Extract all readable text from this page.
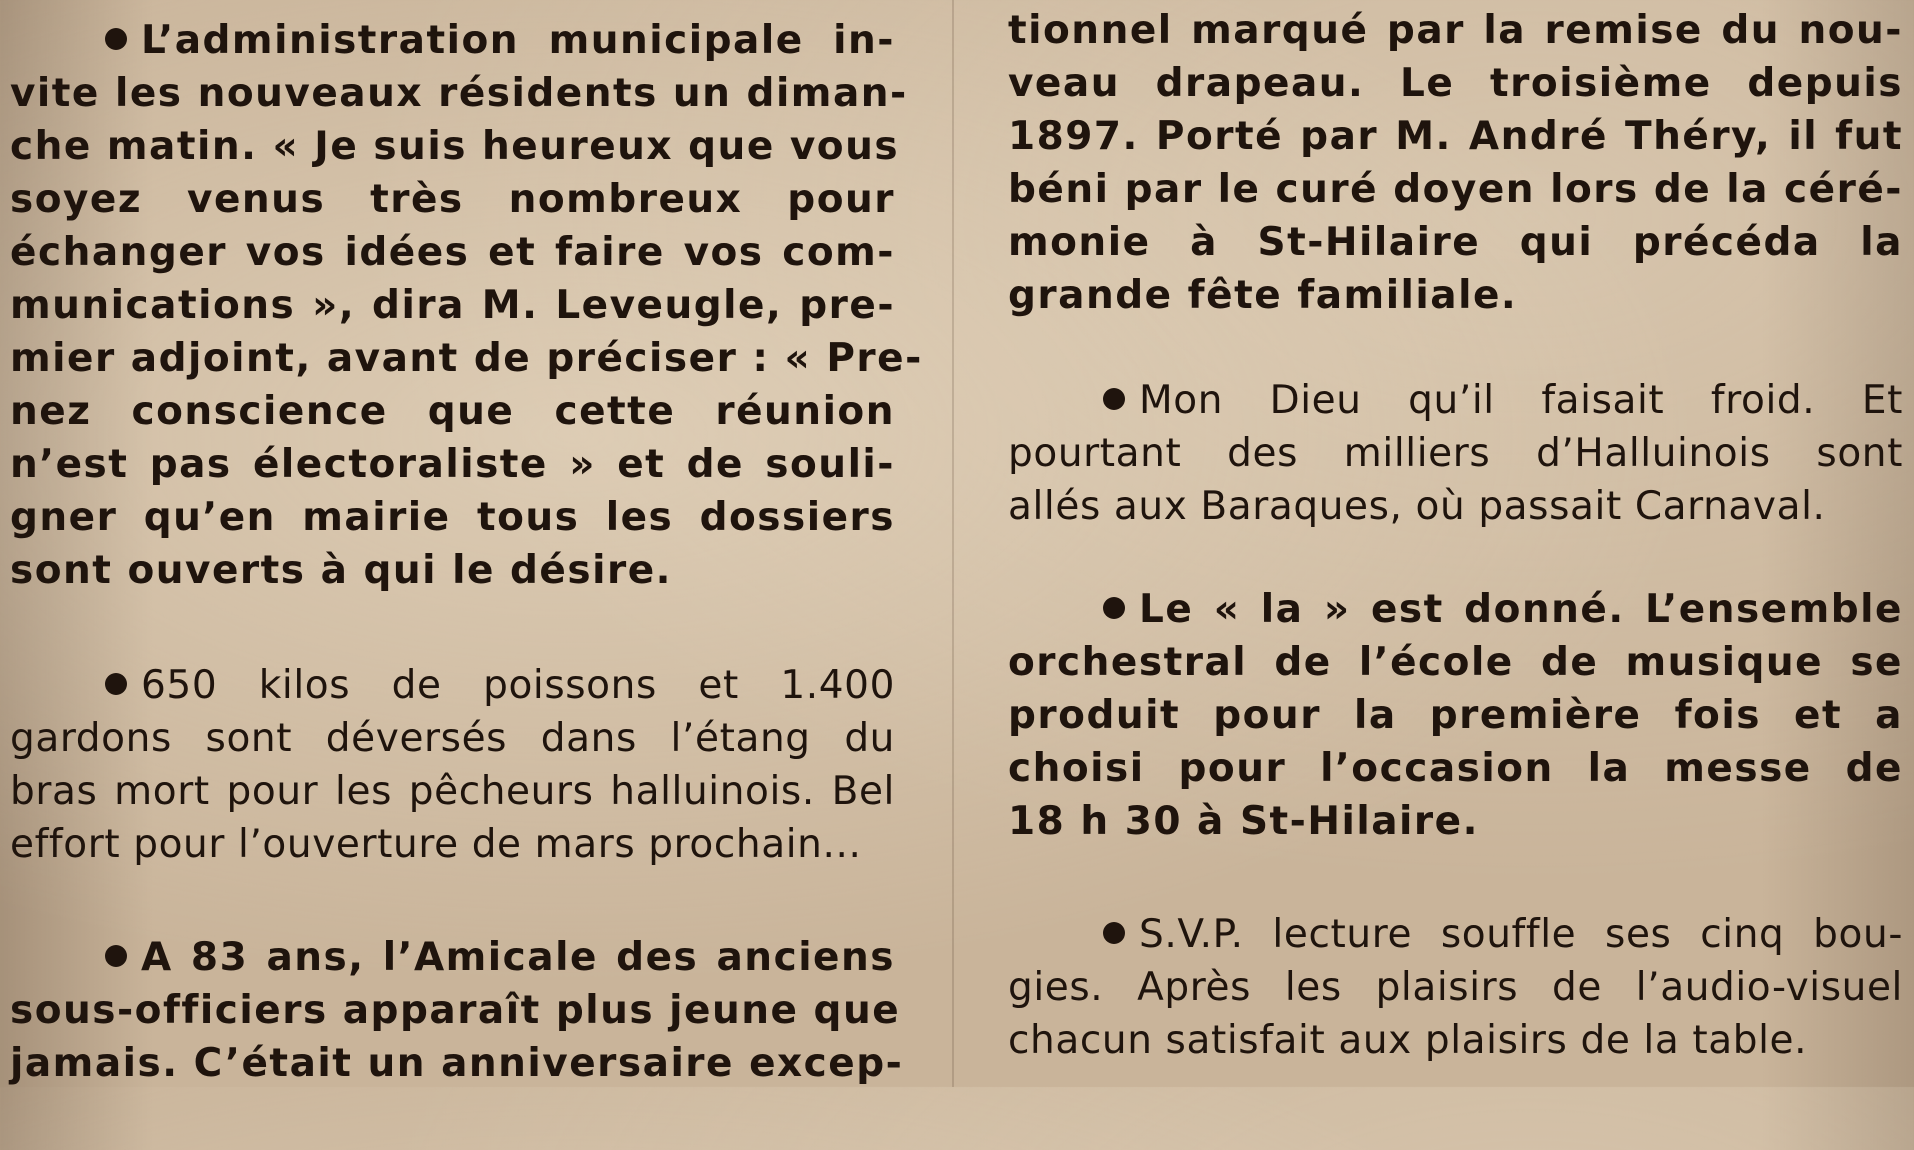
L’administration municipale in-
vite les nouveaux résidents un diman-
che matin. « Je suis heureux que vous
soyez venus très nombreux pour
échanger vos idées et faire vos com-
munications », dira M. Leveugle, pre-
mier adjoint, avant de préciser : « Pre-
nez conscience que cette réunion
n’est pas électoraliste » et de souli-
gner qu’en mairie tous les dossiers
sont ouverts à qui le désire.
650 kilos de poissons et 1.400
gardons sont déversés dans l’étang du
bras mort pour les pêcheurs halluinois. Bel
effort pour l’ouverture de mars prochain...
A 83 ans, l’Amicale des anciens
sous-officiers apparaît plus jeune que
jamais. C’était un anniversaire excep-
tionnel marqué par la remise du nou-
veau drapeau. Le troisième depuis
1897. Porté par M. André Théry, il fut
béni par le curé doyen lors de la céré-
monie à St-Hilaire qui précéda la
grande fête familiale.
Mon Dieu qu’il faisait froid. Et
pourtant des milliers d’Halluinois sont
allés aux Baraques, où passait Carnaval.
Le « la » est donné. L’ensemble
orchestral de l’école de musique se
produit pour la première fois et a
choisi pour l’occasion la messe de
18 h 30 à St-Hilaire.
S.V.P. lecture souffle ses cinq bou-
gies. Après les plaisirs de l’audio-visuel
chacun satisfait aux plaisirs de la table.
